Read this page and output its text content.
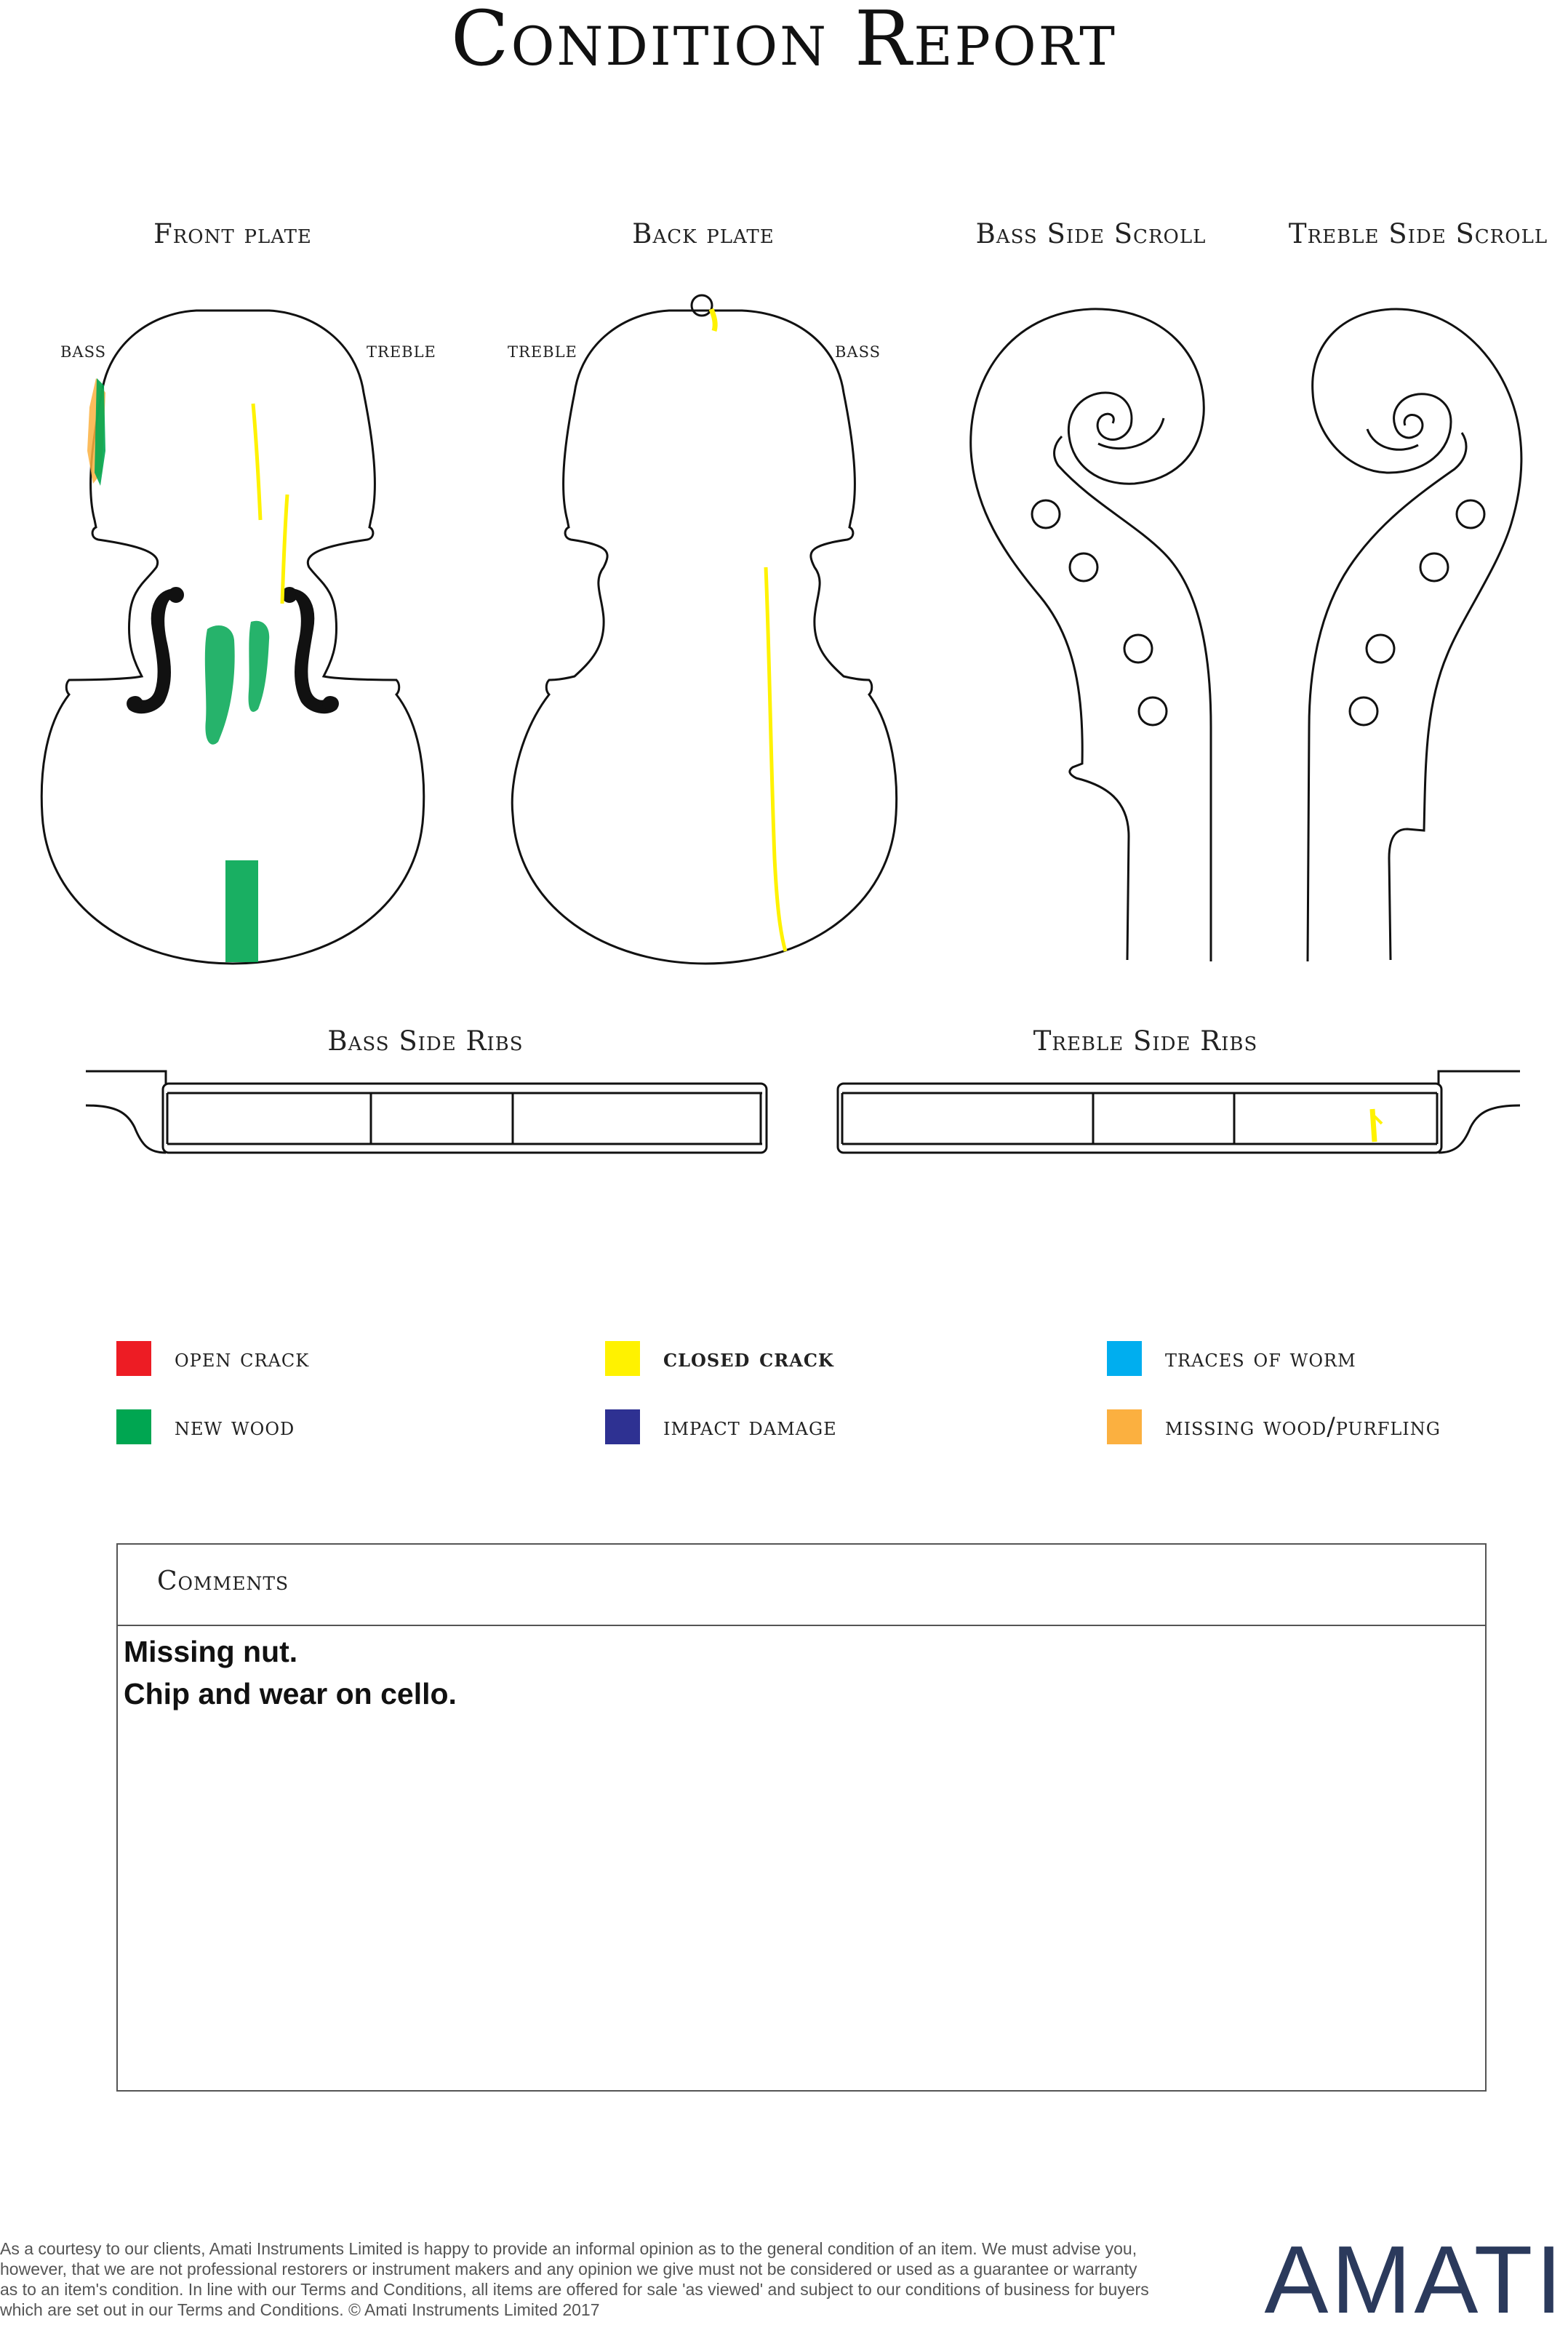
Condition Report
Front plate	Back plate	Bass Side Scroll	Treble Side Scroll
Bass Side Ribs	Treble Side Ribs
BASS	TREBLE	TREBLE	BASS
open crack	closed crack	traces of worm
new wood	impact damage	missing wood/purfling
Comments
Missing nut.
Chip and wear on cello.
As a courtesy to our clients, Amati Instruments Limited is happy to provide an informal opinion as to the general condition of an item. We must advise you, however, that we are not professional restorers or instrument makers and any opinion we give must not be considered or used as a guarantee or warranty as to an item's condition. In line with our Terms and Conditions, all items are offered for sale 'as viewed' and subject to our conditions of business for buyers which are set out in our Terms and Conditions. © Amati Instruments Limited 2017	AMATI
